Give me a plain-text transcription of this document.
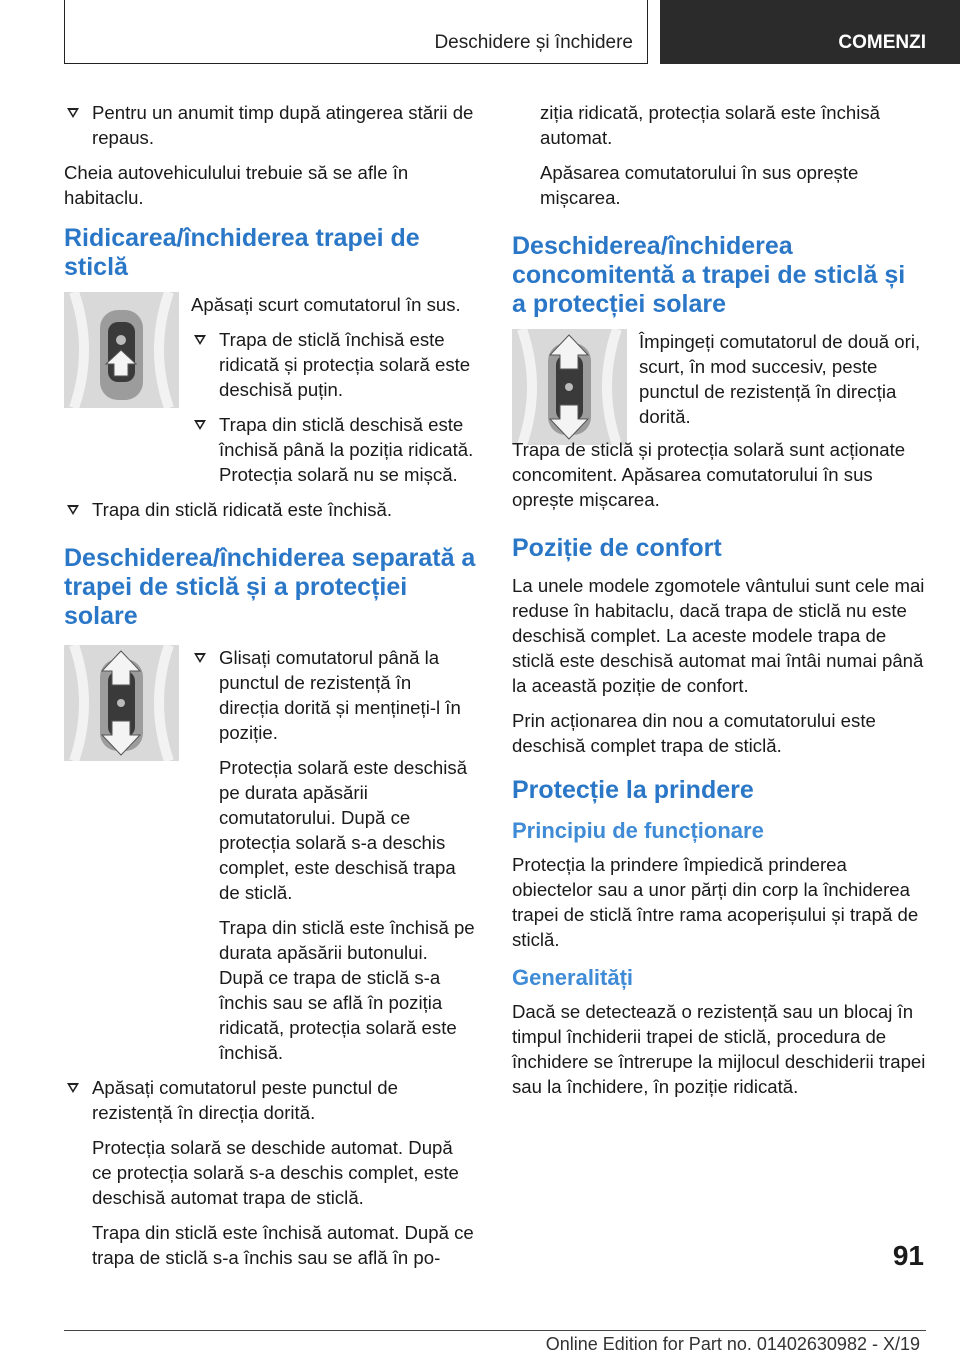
Deschidere și închidere	COMENZI
Pentru un anumit timp după atingerea stării de repaus.

Cheia autovehiculului trebuie să se afle în habitaclu.

Ridicarea/închiderea trapei de sticlă

Apăsați scurt comutatorul în sus.

Trapa de sticlă închisă este ridicată și protecția solară este deschisă puțin.
Trapa din sticlă deschisă este închisă până la poziția ridicată. Protecția solară nu se mișcă.
Trapa din sticlă ridicată este închisă.
Deschiderea/închiderea separată a trapei de sticlă și a protecției solare
Glisați comutatorul până la punctul de rezistență în direcția dorită și mențineți-l în poziție.

Protecția solară este deschisă pe durata apăsării comutatorului. După ce protecția solară s-a deschis complet, este deschisă trapa de sticlă.

Trapa din sticlă este închisă pe durata apăsării butonului. După ce trapa de sticlă s-a închis sau se află în poziția ridicată, protecția solară este închisă.

Apăsați comutatorul peste punctul de rezistență în direcția dorită.

Protecția solară se deschide automat. După ce protecția solară s-a deschis complet, este deschisă automat trapa de sticlă.

Trapa din sticlă este închisă automat. După ce trapa de sticlă s-a închis sau se află în po-

ziția ridicată, protecția solară este închisă automat.

Apăsarea comutatorului în sus oprește mișcarea.

Deschiderea/închiderea concomitentă a trapei de sticlă și a protecției solare

Împingeți comutatorul de două ori, scurt, în mod succesiv, peste punctul de rezistență în direcția dorită.

Trapa de sticlă și protecția solară sunt acționate concomitent. Apăsarea comutatorului în sus oprește mișcarea.

Poziție de confort

La unele modele zgomotele vântului sunt cele mai reduse în habitaclu, dacă trapa de sticlă nu este deschisă complet. La aceste modele trapa de sticlă este deschisă automat mai întâi numai până la această poziție de confort.

Prin acționarea din nou a comutatorului este deschisă complet trapa de sticlă.

Protecție la prindere
Principiu de funcționare

Protecția la prindere împiedică prinderea obiectelor sau a unor părți din corp la închiderea trapei de sticlă între rama acoperișului și trapă de sticlă.

Generalități

Dacă se detectează o rezistență sau un blocaj în timpul închiderii trapei de sticlă, procedura de închidere se întrerupe la mijlocul deschiderii trapei sau la închidere, în poziție ridicată.

91
Online Edition for Part no. 01402630982 - X/19
